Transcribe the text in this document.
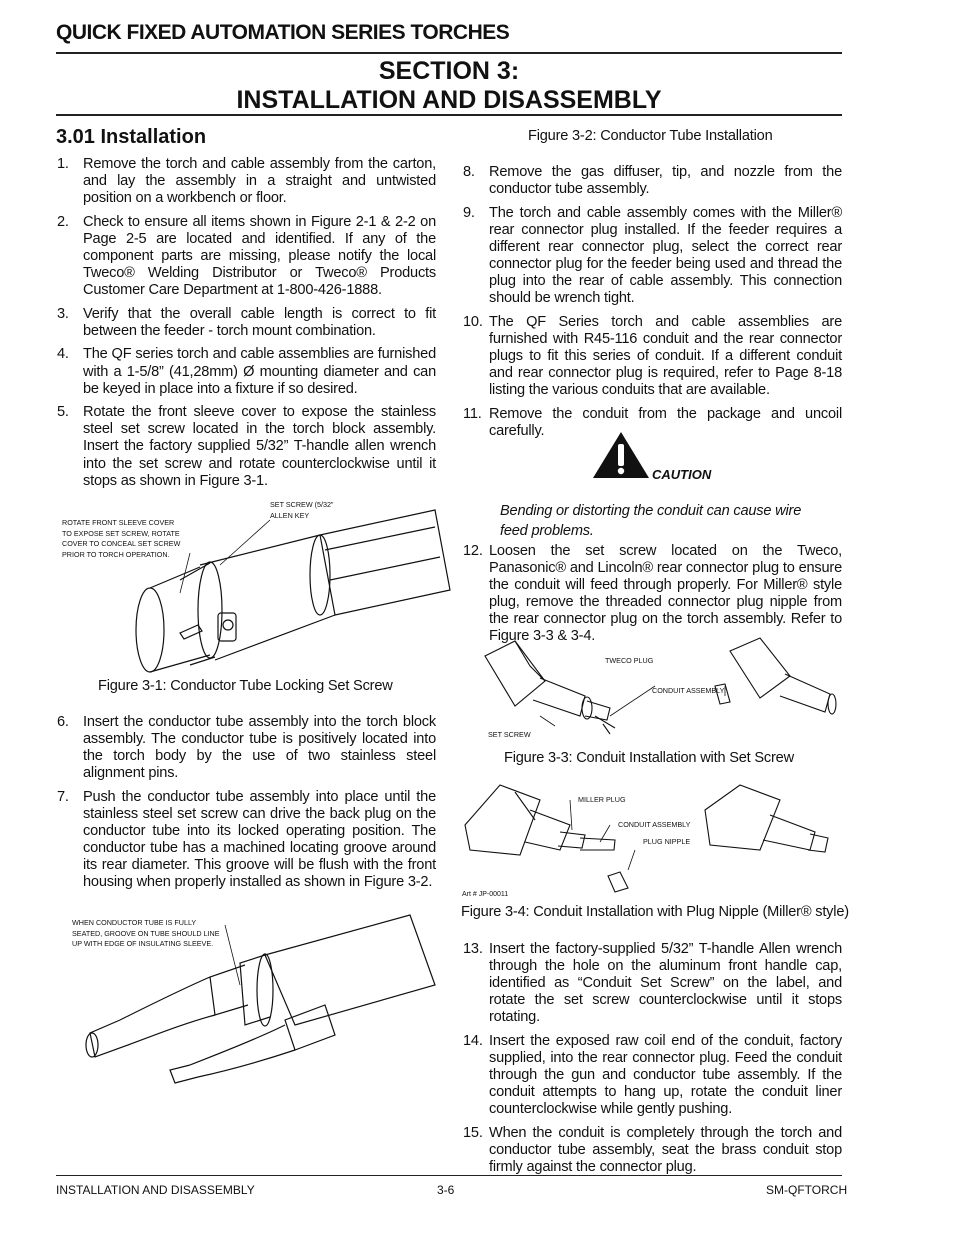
QUICK FIXED AUTOMATION SERIES TORCHES
SECTION 3:
INSTALLATION AND DISASSEMBLY
3.01 Installation
1. Remove the torch and cable assembly from the carton, and lay the assembly in a straight and untwisted position on a workbench or floor.
2. Check to ensure all items shown in Figure 2-1 & 2-2 on Page 2-5 are located and identified. If any of the component parts are missing, please notify the local Tweco® Welding Distributor or Tweco® Products Customer Care Department at 1-800-426-1888.
3. Verify that the overall cable length is correct to fit between the feeder - torch mount combination.
4. The QF series torch and cable assemblies are furnished with a 1-5/8” (41,28mm) Ø mounting diameter and can be keyed in place into a fixture if so desired.
5. Rotate the front sleeve cover to expose the stainless steel set screw located in the torch block assembly. Insert the factory supplied 5/32” T-handle allen wrench into the set screw and rotate counterclockwise until it stops as shown in Figure 3-1.
ROTATE FRONT SLEEVE COVER TO EXPOSE SET SCREW, ROTATE COVER TO CONCEAL SET SCREW PRIOR TO TORCH OPERATION.
SET SCREW (5/32” ALLEN KEY
Figure 3-1: Conductor Tube Locking Set Screw
6. Insert the conductor tube assembly into the torch block assembly. The conductor tube is positively located into the torch body by the use of two stainless steel alignment pins.
7. Push the conductor tube assembly into place until the stainless steel set screw can drive the back plug on the conductor tube into its locked operating position. The conductor tube has a machined locating groove around its rear diameter. This groove will be flush with the front housing when properly installed as shown in Figure 3-2.
WHEN CONDUCTOR TUBE IS FULLY SEATED, GROOVE ON TUBE SHOULD LINE UP WITH EDGE OF INSULATING SLEEVE.
Figure 3-2: Conductor Tube Installation
8. Remove the gas diffuser, tip, and nozzle from the conductor tube assembly.
9. The torch and cable assembly comes with the Miller® rear connector plug installed. If the feeder requires a different rear connector plug, select the correct rear connector plug for the feeder being used and thread the plug into the rear of cable assembly. This connection should be wrench tight.
10. The QF Series torch and cable assemblies are furnished with R45-116 conduit and the rear connector plugs to fit this series of conduit. If a different conduit and rear connector plug is required, refer to Page 8-18 listing the various conduits that are available.
11. Remove the conduit from the package and uncoil carefully.
CAUTION
Bending or distorting the conduit can cause wire
feed problems.
12. Loosen the set screw located on the Tweco, Panasonic® and Lincoln® rear connector plug to ensure the conduit will feed through properly. For Miller® style plug, remove the threaded connector plug nipple from the rear connector plug on the torch assembly. Refer to Figure 3-3 & 3-4.
TWECO PLUG
CONDUIT ASSEMBLY
SET SCREW
Figure 3-3: Conduit Installation with Set Screw
MILLER PLUG
CONDUIT ASSEMBLY
PLUG NIPPLE
Art # JP-00011
Figure 3-4: Conduit Installation with Plug Nipple (Miller® style)
13. Insert the factory-supplied 5/32” T-handle Allen wrench through the hole on the aluminum front handle cap, identified as “Conduit Set Screw” on the label, and rotate the set screw counterclockwise until it stops rotating.
14. Insert the exposed raw coil end of the conduit, factory supplied, into the rear connector plug. Feed the conduit through the gun and conductor tube assembly. If the conduit attempts to hang up, rotate the conduit liner counterclockwise while gently pushing.
15. When the conduit is completely through the torch and conductor tube assembly, seat the brass conduit stop firmly against the connector plug.
INSTALLATION AND DISASSEMBLY	3-6	SM-QFTORCH
